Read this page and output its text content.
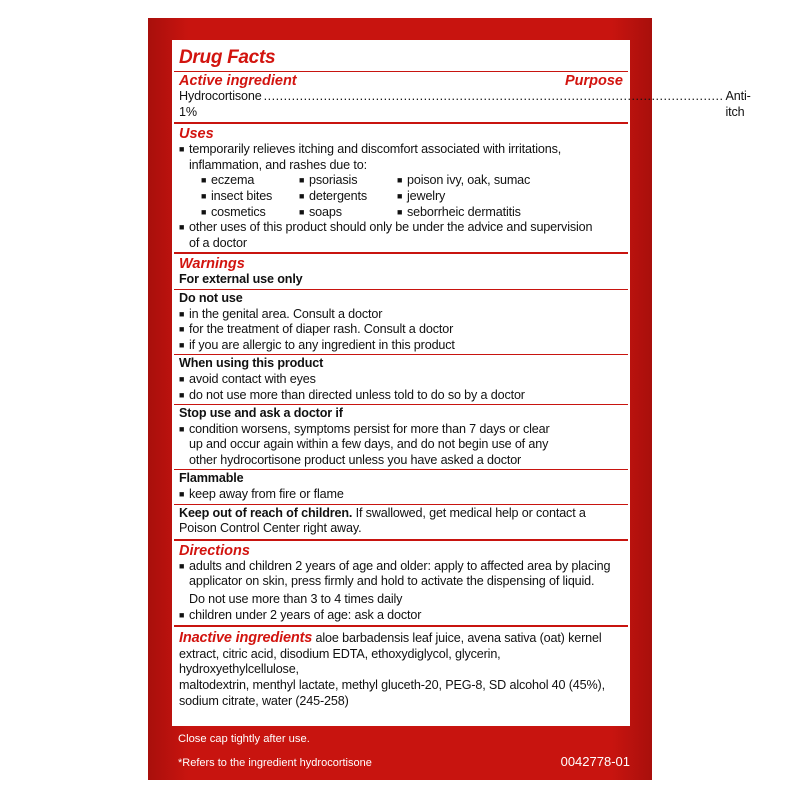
Drug Facts
Active ingredient	Purpose
Hydrocortisone 1%
................................................................................................................... Anti-itch
Uses
■ temporarily relieves itching and discomfort associated with irritations,
inflammation, and rashes due to:
■ eczema	■ psoriasis	■ poison ivy, oak, sumac
■ insect bites	■ detergents	■ jewelry
■ cosmetics	■ soaps	■ seborrheic dermatitis
■ other uses of this product should only be under the advice and supervision
of a doctor
Warnings
For external use only
Do not use
■ in the genital area. Consult a doctor
■ for the treatment of diaper rash. Consult a doctor
■ if you are allergic to any ingredient in this product
When using this product
■ avoid contact with eyes
■ do not use more than directed unless told to do so by a doctor
Stop use and ask a doctor if
■ condition worsens, symptoms persist for more than 7 days or clear
up and occur again within a few days, and do not begin use of any
other hydrocortisone product unless you have asked a doctor
Flammable
■ keep away from fire or flame
Keep out of reach of children. If swallowed, get medical help or contact a
Poison Control Center right away.
Directions
■ adults and children 2 years of age and older: apply to affected area by placing
applicator on skin, press firmly and hold to activate the dispensing of liquid.
Do not use more than 3 to 4 times daily
■ children under 2 years of age: ask a doctor
Inactive ingredients aloe barbadensis leaf juice, avena sativa (oat) kernel
extract, citric acid, disodium EDTA, ethoxydiglycol, glycerin, hydroxyethylcellulose,
maltodextrin, menthyl lactate, methyl gluceth-20, PEG-8, SD alcohol 40 (45%),
sodium citrate, water (245-258)
KEEP CARTON AS IT CONTAINS IMPORTANT INFORMATION.
Close cap tightly after use.
*Refers to the ingredient hydrocortisone	0042778-01
